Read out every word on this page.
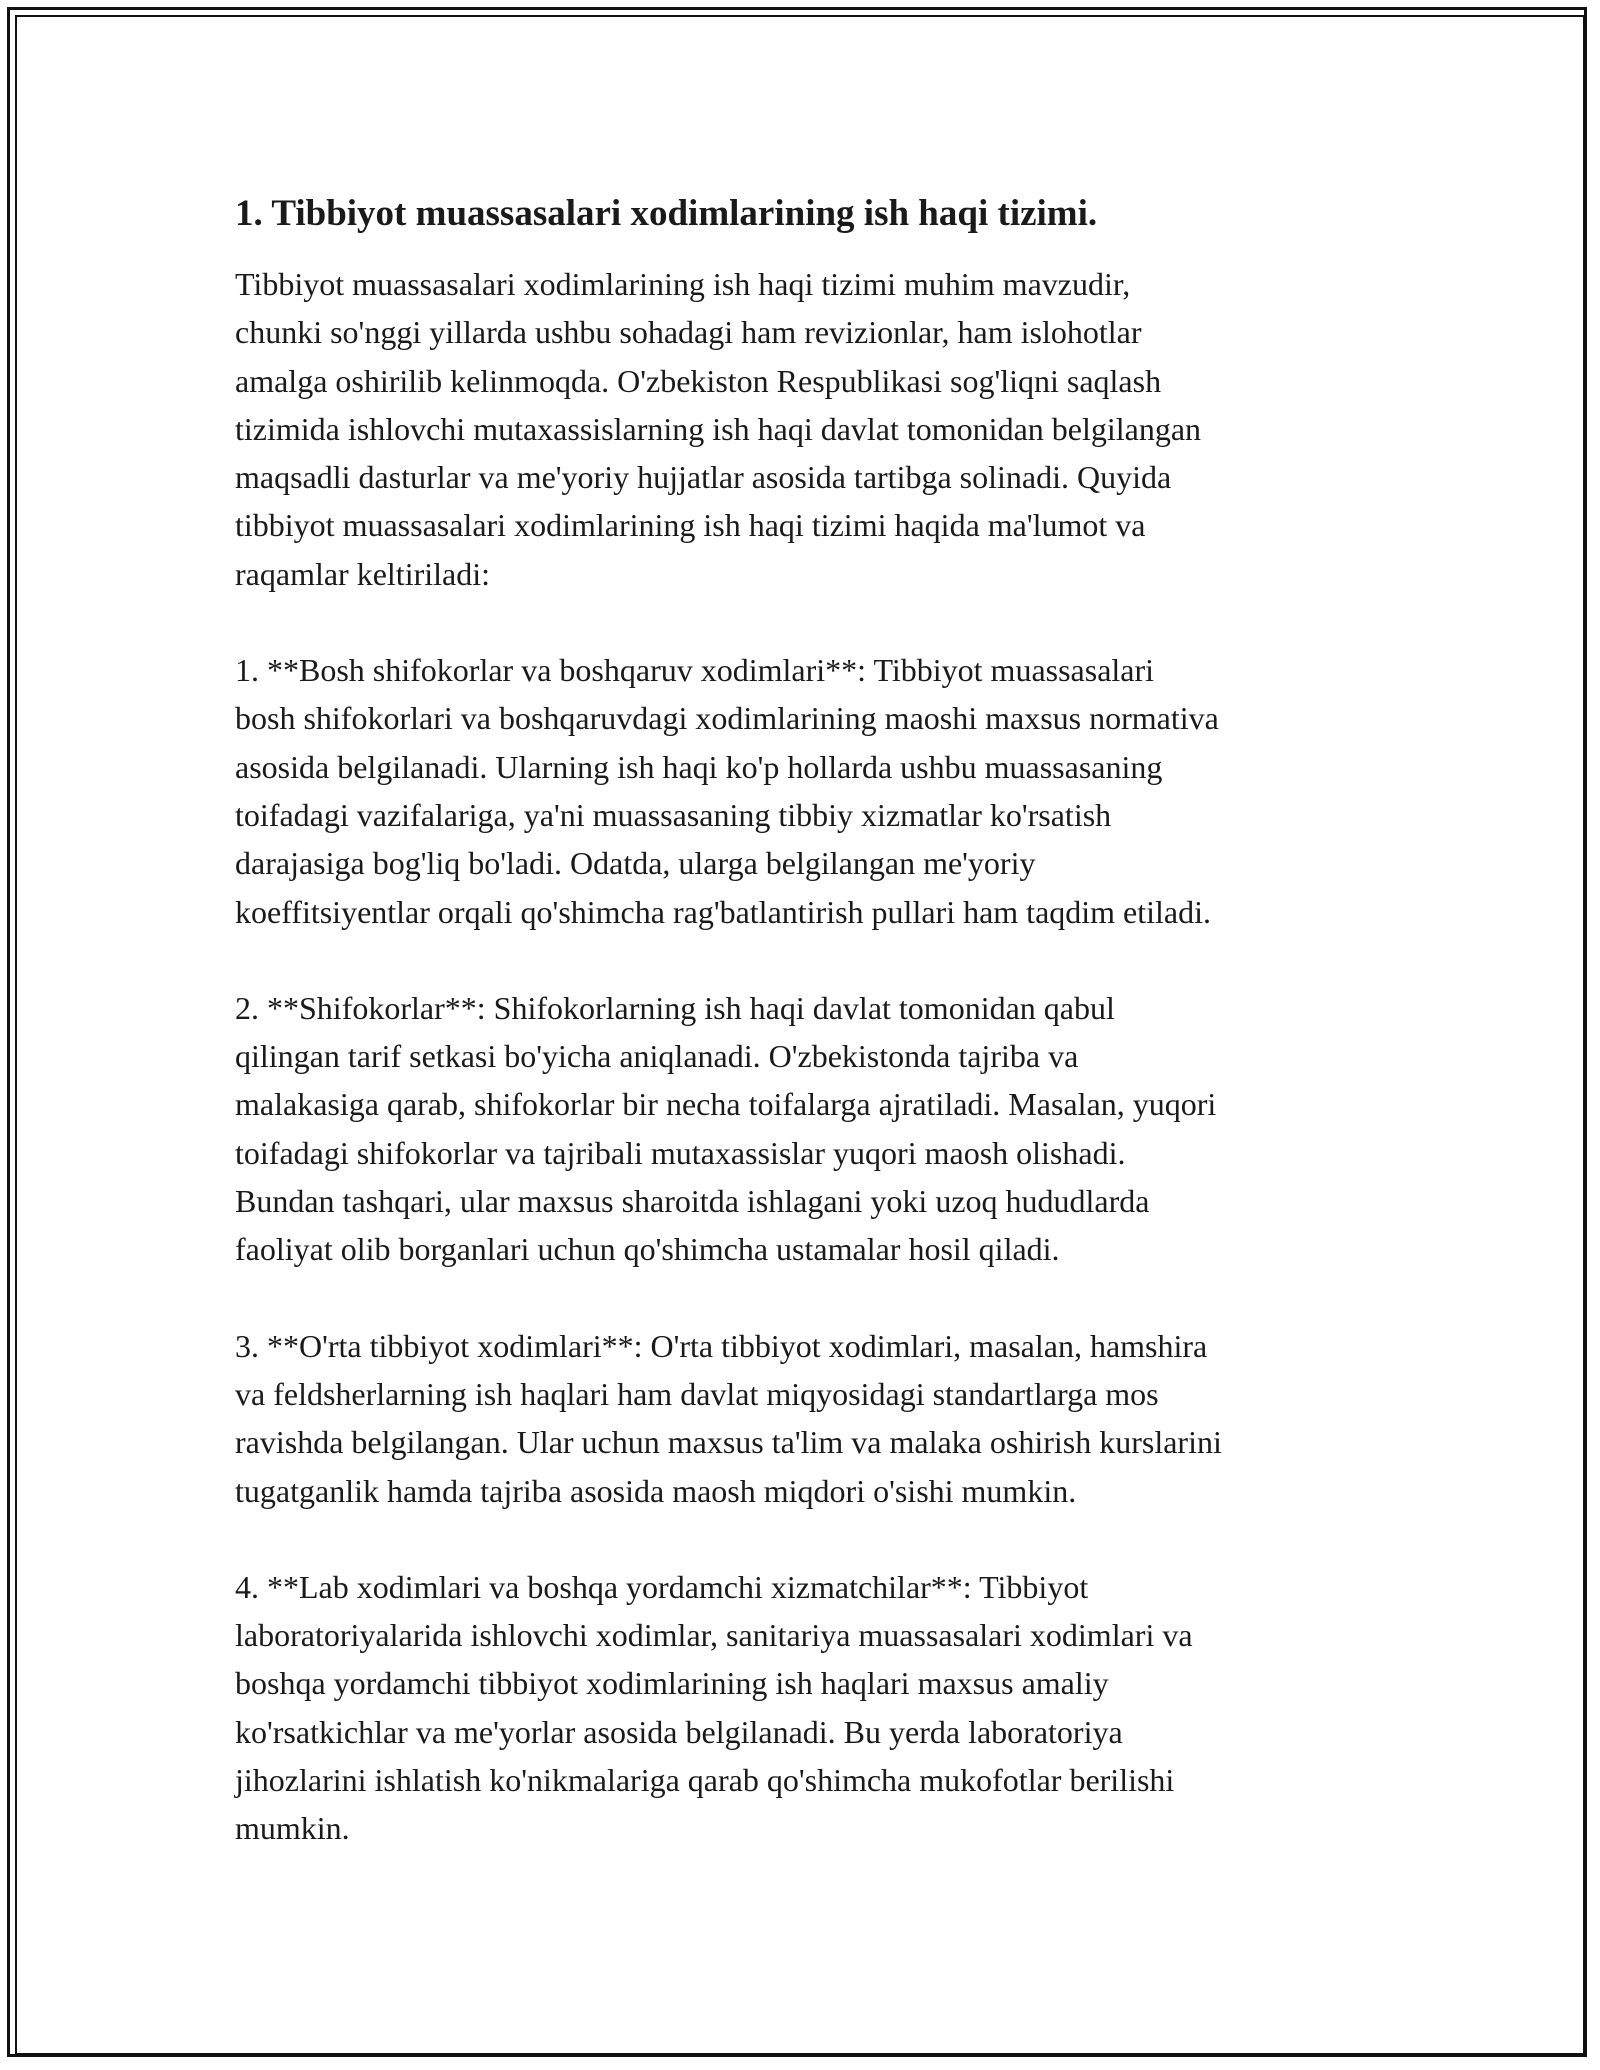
1. Tibbiyot muassasalari xodimlarining ish haqi tizimi.

Tibbiyot muassasalari xodimlarining ish haqi tizimi muhim mavzudir,
chunki so'nggi yillarda ushbu sohadagi ham revizionlar, ham islohotlar
amalga oshirilib kelinmoqda. O'zbekiston Respublikasi sog'liqni saqlash
tizimida ishlovchi mutaxassislarning ish haqi davlat tomonidan belgilangan
maqsadli dasturlar va me'yoriy hujjatlar asosida tartibga solinadi. Quyida
tibbiyot muassasalari xodimlarining ish haqi tizimi haqida ma'lumot va
raqamlar keltiriladi:

1. **Bosh shifokorlar va boshqaruv xodimlari**: Tibbiyot muassasalari
bosh shifokorlari va boshqaruvdagi xodimlarining maoshi maxsus normativa
asosida belgilanadi. Ularning ish haqi ko'p hollarda ushbu muassasaning
toifadagi vazifalariga, ya'ni muassasaning tibbiy xizmatlar ko'rsatish
darajasiga bog'liq bo'ladi. Odatda, ularga belgilangan me'yoriy
koeffitsiyentlar orqali qo'shimcha rag'batlantirish pullari ham taqdim etiladi.

2. **Shifokorlar**: Shifokorlarning ish haqi davlat tomonidan qabul
qilingan tarif setkasi bo'yicha aniqlanadi. O'zbekistonda tajriba va
malakasiga qarab, shifokorlar bir necha toifalarga ajratiladi. Masalan, yuqori
toifadagi shifokorlar va tajribali mutaxassislar yuqori maosh olishadi.
Bundan tashqari, ular maxsus sharoitda ishlagani yoki uzoq hududlarda
faoliyat olib borganlari uchun qo'shimcha ustamalar hosil qiladi.

3. **O'rta tibbiyot xodimlari**: O'rta tibbiyot xodimlari, masalan, hamshira
va feldsherlarning ish haqlari ham davlat miqyosidagi standartlarga mos
ravishda belgilangan. Ular uchun maxsus ta'lim va malaka oshirish kurslarini
tugatganlik hamda tajriba asosida maosh miqdori o'sishi mumkin.

4. **Lab xodimlari va boshqa yordamchi xizmatchilar**: Tibbiyot
laboratoriyalarida ishlovchi xodimlar, sanitariya muassasalari xodimlari va
boshqa yordamchi tibbiyot xodimlarining ish haqlari maxsus amaliy
ko'rsatkichlar va me'yorlar asosida belgilanadi. Bu yerda laboratoriya
jihozlarini ishlatish ko'nikmalariga qarab qo'shimcha mukofotlar berilishi
mumkin.
